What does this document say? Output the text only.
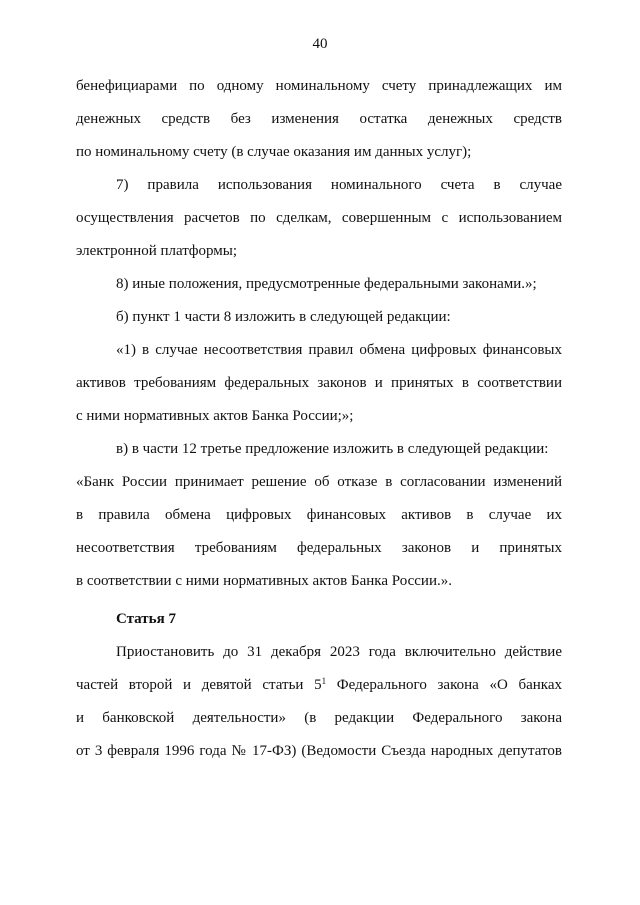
40

бенефициарами по одному номинальному счету принадлежащих им

денежных средств без изменения остатка денежных средств

по номинальному счету (в случае оказания им данных услуг);

7) правила использования номинального счета в случае

осуществления расчетов по сделкам, совершенным с использованием

электронной платформы;

8) иные положения, предусмотренные федеральными законами.»;

б) пункт 1 части 8 изложить в следующей редакции:

«1) в случае несоответствия правил обмена цифровых финансовых

активов требованиям федеральных законов и принятых в соответствии

с ними нормативных актов Банка России;»;

в) в части 12 третье предложение изложить в следующей редакции:

«Банк России принимает решение об отказе в согласовании изменений

в правила обмена цифровых финансовых активов в случае их

несоответствия требованиям федеральных законов и принятых

в соответствии с ними нормативных актов Банка России.».

Статья 7

Приостановить до 31 декабря 2023 года включительно действие

частей второй и девятой статьи $5^1$ Федерального закона «О банках

и банковской деятельности» (в редакции Федерального закона

от 3 февраля 1996 года № 17-ФЗ) (Ведомости Съезда народных депутатов
